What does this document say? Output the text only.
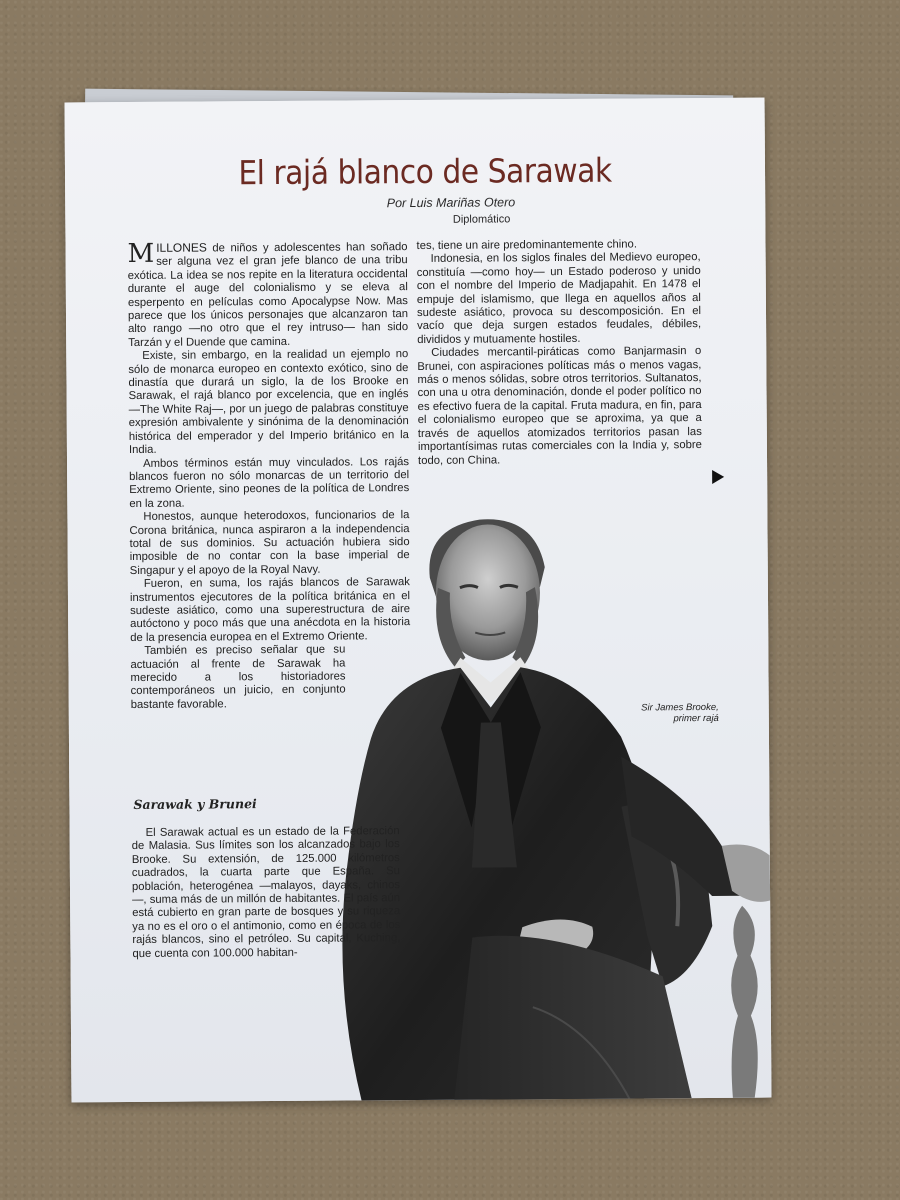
El rajá blanco de Sarawak
Por Luis Mariñas Otero
Diplomático

MILLONES de niños y adolescentes han soñado ser alguna vez el gran jefe blanco de una tribu exótica. La idea se nos repite en la literatura occidental durante el auge del colonialismo y se eleva al esperpento en películas como Apocalypse Now. Mas parece que los únicos personajes que alcanzaron tan alto rango —no otro que el rey intruso— han sido Tarzán y el Duende que camina.

Existe, sin embargo, en la realidad un ejemplo no sólo de monarca europeo en contexto exótico, sino de dinastía que durará un siglo, la de los Brooke en Sarawak, el rajá blanco por excelencia, que en inglés —The White Raj—, por un juego de palabras constituye expresión ambivalente y sinónima de la denominación histórica del emperador y del Imperio británico en la India.

Ambos términos están muy vinculados. Los rajás blancos fueron no sólo monarcas de un territorio del Extremo Oriente, sino peones de la política de Londres en la zona.

Honestos, aunque heterodoxos, funcionarios de la Corona británica, nunca aspiraron a la independencia total de sus dominios. Su actuación hubiera sido imposible de no contar con la base imperial de Singapur y el apoyo de la Royal Navy.

Fueron, en suma, los rajás blancos de Sarawak instrumentos ejecutores de la política británica en el sudeste asiático, como una superestructura de aire autóctono y poco más que una anécdota en la historia de la presencia europea en el Extremo Oriente.

También es preciso señalar que su actuación al frente de Sarawak ha merecido a los historiadores contemporáneos un juicio, en conjunto bastante favorable.

tes, tiene un aire predominantemente chino.

Indonesia, en los siglos finales del Medievo europeo, constituía —como hoy— un Estado poderoso y unido con el nombre del Imperio de Madjapahit. En 1478 el empuje del islamismo, que llega en aquellos años al sudeste asiático, provoca su descomposición. En el vacío que deja surgen estados feudales, débiles, divididos y mutuamente hostiles.

Ciudades mercantil-piráticas como Banjarmasin o Brunei, con aspiraciones políticas más o menos vagas, más o menos sólidas, sobre otros territorios. Sultanatos, con una u otra denominación, donde el poder político no es efectivo fuera de la capital. Fruta madura, en fin, para el colonialismo europeo que se aproxima, ya que a través de aquellos atomizados territorios pasan las importantísimas rutas comerciales con la India y, sobre todo, con China.

Sir James Brooke,
primer rajá
Sarawak y Brunei

El Sarawak actual es un estado de la Federación de Malasia. Sus límites son los alcanzados bajo los Brooke. Su extensión, de 125.000 kilómetros cuadrados, la cuarta parte que España. Su población, heterogénea —malayos, dayaks, chinos—, suma más de un millón de habitantes. El país aún está cubierto en gran parte de bosques y su riqueza ya no es el oro o el antimonio, como en época de los rajás blancos, sino el petróleo. Su capital, Kuching, que cuenta con 100.000 habitan-
